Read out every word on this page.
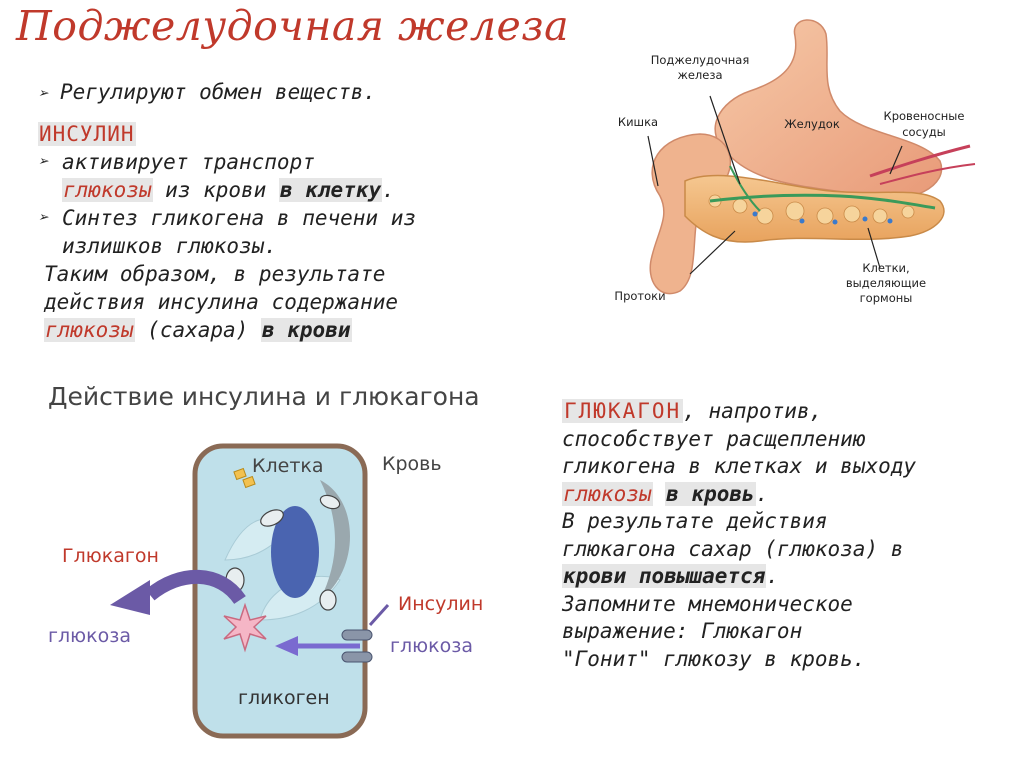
Поджелудочная железа
➢ Регулируют обмен веществ.
ИНСУЛИН
➢ активирует транспорт
глюкозы из крови в клетку.
➢ Синтез гликогена в печени из
излишков глюкозы.
Таким образом, в результате
действия инсулина содержание
глюкозы (сахара) в крови
ГЛЮКАГОН, напротив,
способствует расщеплению
гликогена в клетках и выходу
глюкозы в кровь.
В результате действия
глюкагона сахар (глюкоза) в
крови повышается.
Запомните мнемоническое
выражение: Глюкагон
"Гонит" глюкозу в кровь.
Поджелудочная
железа
Кишка	Желудок
Кровеносные
сосуды
Протоки
Клетки,
выделяющие
гормоны
Действие инсулина и глюкагона
Клетка	Кровь
Глюкагон
глюкоза
Инсулин
глюкоза
гликоген
